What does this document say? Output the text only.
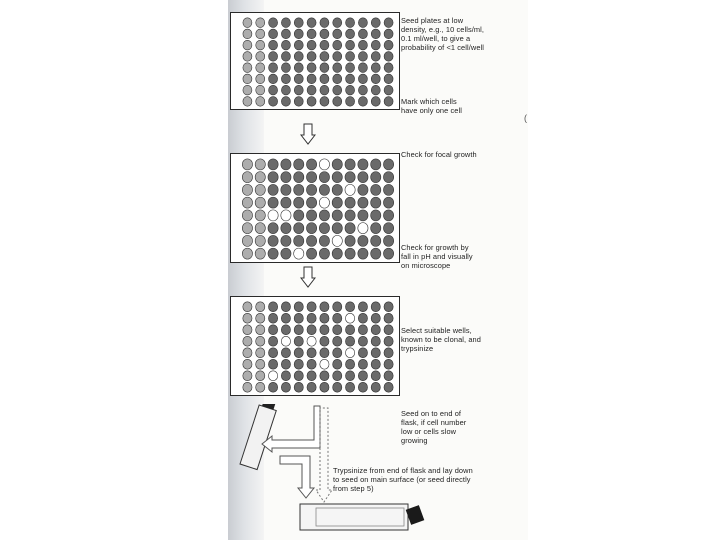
Seed plates at low
density, e.g., 10 cells/ml,
0.1 ml/well, to give a
probability of <1 cell/well
Mark which cells
have only one cell
(
Check for focal growth
Check for growth by
fall in pH and visually
on microscope
Select suitable wells,
known to be clonal, and
trypsinize
Seed on to end of
flask, if cell number
low or cells slow
growing
Trypsinize from end of flask and lay down
to seed on main surface (or seed directly
from step 5)
